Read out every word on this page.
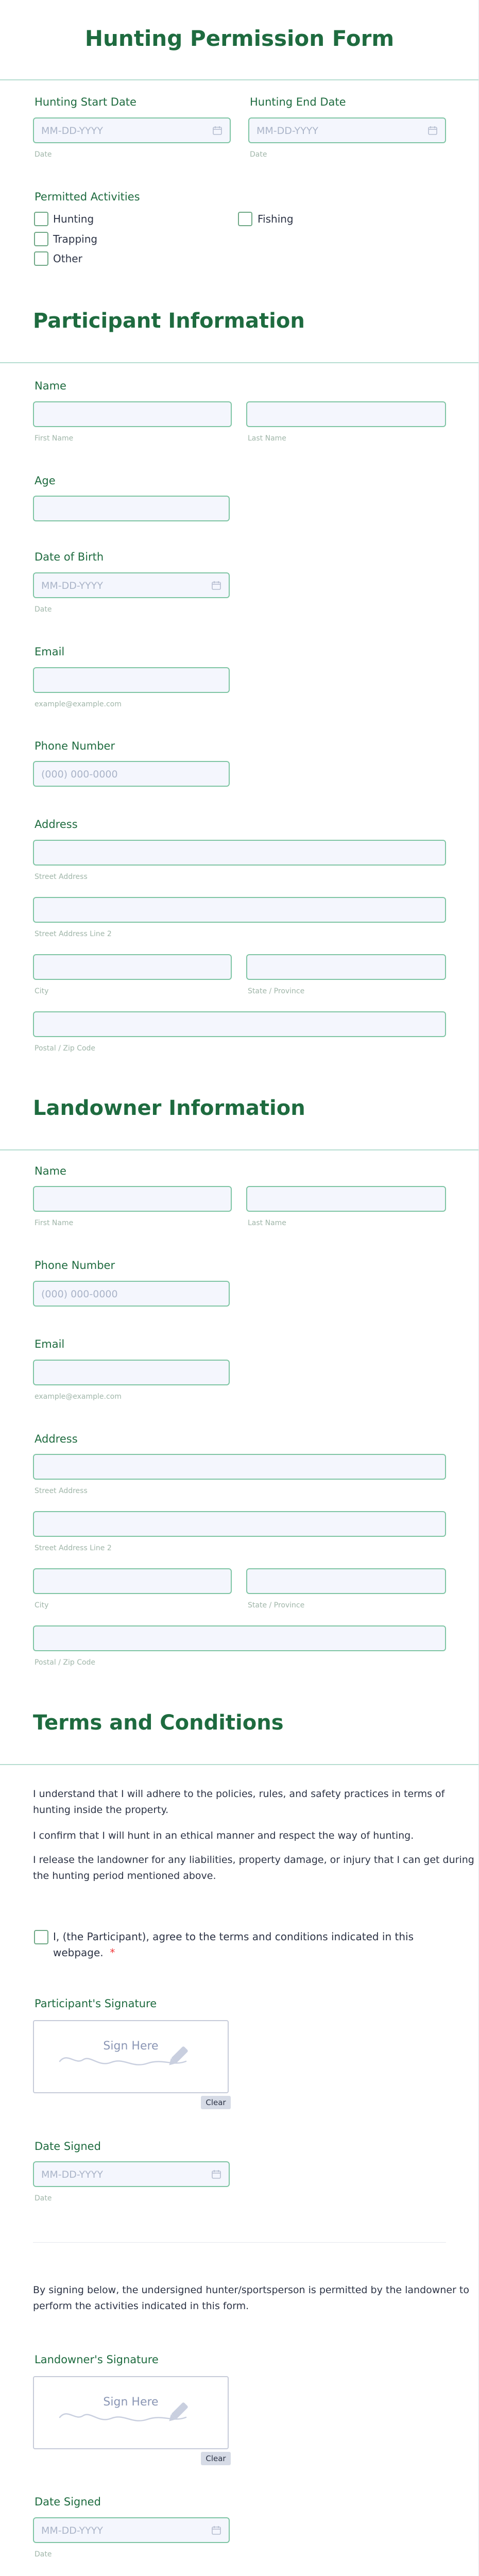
Hunting Permission Form
Hunting Start Date
MM-DD-YYYY
Date
Hunting End Date
MM-DD-YYYY
Date
Permitted Activities
Hunting	Fishing
Trapping
Other
Participant Information
Name
First Name	Last Name
Age
Date of Birth
MM-DD-YYYY
Date
Email
example@example.com
Phone Number
(000) 000-0000
Address
Street Address
Street Address Line 2
City	State / Province
Postal / Zip Code
Landowner Information
Name
First Name	Last Name
Phone Number
(000) 000-0000
Email
example@example.com
Address
Street Address
Street Address Line 2
City	State / Province
Postal / Zip Code
Terms and Conditions
I understand that I will adhere to the policies, rules, and safety practices in terms of
hunting inside the property.
I confirm that I will hunt in an ethical manner and respect the way of hunting.
I release the landowner for any liabilities, property damage, or injury that I can get during
the hunting period mentioned above.
I, (the Participant), agree to the terms and conditions indicated in this
webpage. *
Participant's Signature
Sign Here
Clear
Date Signed
MM-DD-YYYY
Date
By signing below, the undersigned hunter/sportsperson is permitted by the landowner to
perform the activities indicated in this form.
Landowner's Signature
Sign Here
Clear
Date Signed
MM-DD-YYYY
Date
